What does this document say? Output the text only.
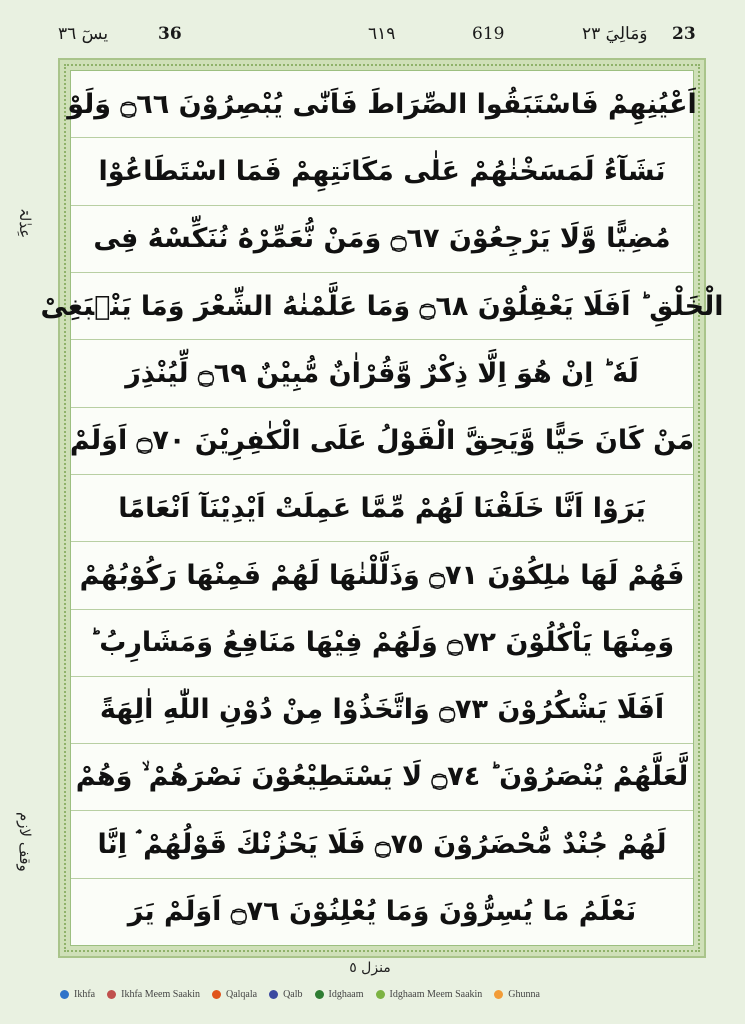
يسٓ ٣٦	36	٦١٩	619	وَمَالِيَ ٢٣ 23
عِدٰلۃ
وقف لازم
اَعْيُنِهِمْ فَاسْتَبَقُوا الصِّرَاطَ فَاَنّٰى يُبْصِرُوْنَ ۝٦٦ وَلَوْ
نَشَآءُ لَمَسَخْنٰهُمْ عَلٰى مَكَانَتِهِمْ فَمَا اسْتَطَاعُوْا
مُضِيًّا وَّلَا يَرْجِعُوْنَ ۝٦٧ وَمَنْ نُّعَمِّرْهُ نُنَكِّسْهُ فِى
الْخَلْقِ ؕ اَفَلَا يَعْقِلُوْنَ ۝٦٨ وَمَا عَلَّمْنٰهُ الشِّعْرَ وَمَا يَنْۢبَغِىْ
لَهٗ ؕ اِنْ هُوَ اِلَّا ذِكْرٌ وَّقُرْاٰنٌ مُّبِيْنٌ ۝٦٩ لِّيُنْذِرَ
مَنْ كَانَ حَيًّا وَّيَحِقَّ الْقَوْلُ عَلَى الْكٰفِرِيْنَ ۝٧٠ اَوَلَمْ
يَرَوْا اَنَّا خَلَقْنَا لَهُمْ مِّمَّا عَمِلَتْ اَيْدِيْنَآ اَنْعَامًا
فَهُمْ لَهَا مٰلِكُوْنَ ۝٧١ وَذَلَّلْنٰهَا لَهُمْ فَمِنْهَا رَكُوْبُهُمْ
وَمِنْهَا يَاْكُلُوْنَ ۝٧٢ وَلَهُمْ فِيْهَا مَنَافِعُ وَمَشَارِبُ ؕ
اَفَلَا يَشْكُرُوْنَ ۝٧٣ وَاتَّخَذُوْا مِنْ دُوْنِ اللّٰهِ اٰلِهَةً
لَّعَلَّهُمْ يُنْصَرُوْنَ ؕ ۝٧٤ لَا يَسْتَطِيْعُوْنَ نَصْرَهُمْ ۙ وَهُمْ
لَهُمْ جُنْدٌ مُّحْضَرُوْنَ ۝٧٥ فَلَا يَحْزُنْكَ قَوْلُهُمْ ۘ اِنَّا
نَعْلَمُ مَا يُسِرُّوْنَ وَمَا يُعْلِنُوْنَ ۝٧٦ اَوَلَمْ يَرَ
منزل ٥
Ikhfa	Ikhfa Meem Saakin	Qalqala	Qalb	Idghaam	Idghaam Meem Saakin	Ghunna
